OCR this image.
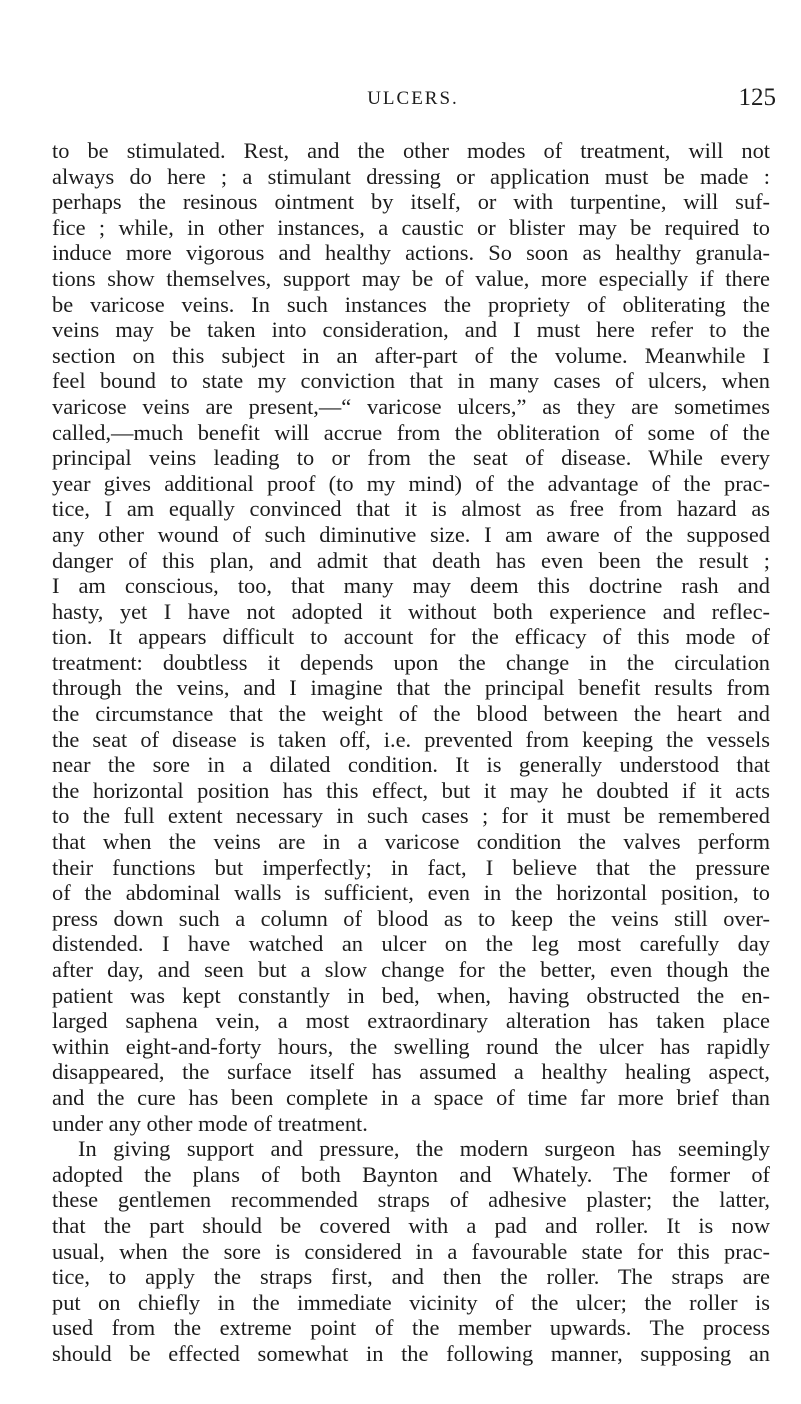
ULCERS.	125
to be stimulated. Rest, and the other modes of treatment, will not
always do here ; a stimulant dressing or application must be made :
perhaps the resinous ointment by itself, or with turpentine, will suf-
fice ; while, in other instances, a caustic or blister may be required to
induce more vigorous and healthy actions. So soon as healthy granula-
tions show themselves, support may be of value, more especially if there
be varicose veins. In such instances the propriety of obliterating the
veins may be taken into consideration, and I must here refer to the
section on this subject in an after-part of the volume. Meanwhile I
feel bound to state my conviction that in many cases of ulcers, when
varicose veins are present,—“ varicose ulcers,” as they are sometimes
called,—much benefit will accrue from the obliteration of some of the
principal veins leading to or from the seat of disease. While every
year gives additional proof (to my mind) of the advantage of the prac-
tice, I am equally convinced that it is almost as free from hazard as
any other wound of such diminutive size. I am aware of the supposed
danger of this plan, and admit that death has even been the result ;
I am conscious, too, that many may deem this doctrine rash and
hasty, yet I have not adopted it without both experience and reflec-
tion. It appears difficult to account for the efficacy of this mode of
treatment: doubtless it depends upon the change in the circulation
through the veins, and I imagine that the principal benefit results from
the circumstance that the weight of the blood between the heart and
the seat of disease is taken off, i.e. prevented from keeping the vessels
near the sore in a dilated condition. It is generally understood that
the horizontal position has this effect, but it may he doubted if it acts
to the full extent necessary in such cases ; for it must be remembered
that when the veins are in a varicose condition the valves perform
their functions but imperfectly; in fact, I believe that the pressure
of the abdominal walls is sufficient, even in the horizontal position, to
press down such a column of blood as to keep the veins still over-
distended. I have watched an ulcer on the leg most carefully day
after day, and seen but a slow change for the better, even though the
patient was kept constantly in bed, when, having obstructed the en-
larged saphena vein, a most extraordinary alteration has taken place
within eight-and-forty hours, the swelling round the ulcer has rapidly
disappeared, the surface itself has assumed a healthy healing aspect,
and the cure has been complete in a space of time far more brief than
under any other mode of treatment.
In giving support and pressure, the modern surgeon has seemingly
adopted the plans of both Baynton and Whately. The former of
these gentlemen recommended straps of adhesive plaster; the latter,
that the part should be covered with a pad and roller. It is now
usual, when the sore is considered in a favourable state for this prac-
tice, to apply the straps first, and then the roller. The straps are
put on chiefly in the immediate vicinity of the ulcer; the roller is
used from the extreme point of the member upwards. The process
should be effected somewhat in the following manner, supposing an
